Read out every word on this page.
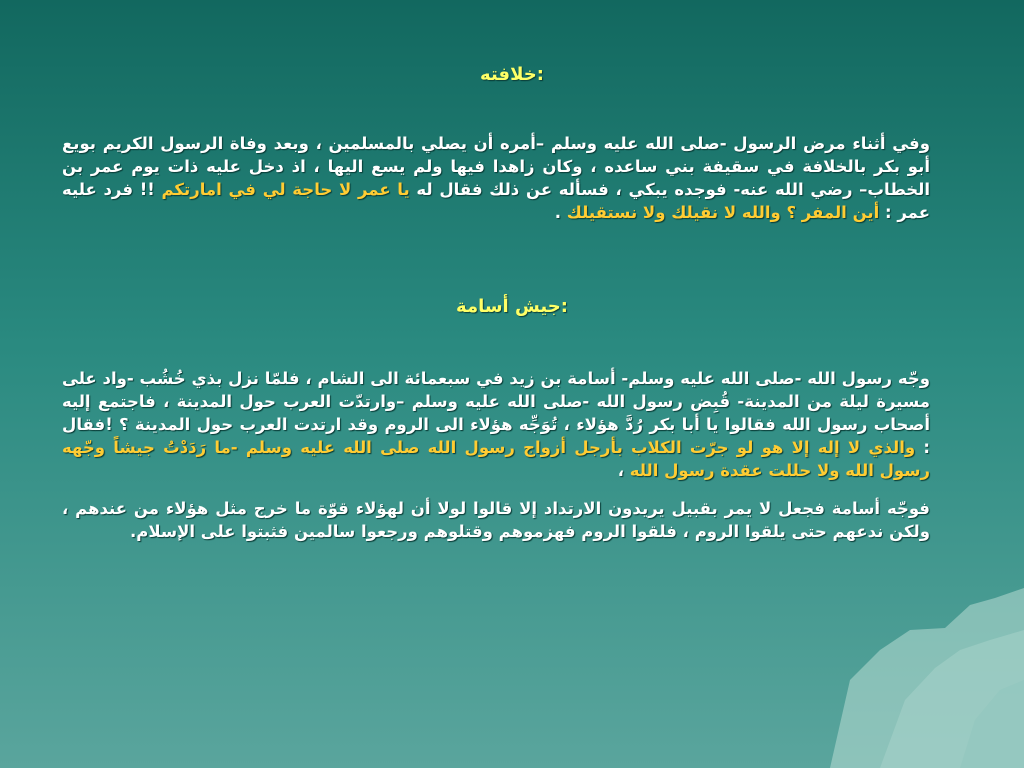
خلافته:
وفي أثناء مرض الرسول -صلى الله عليه وسلم –أمره أن يصلي بالمسلمين ، وبعد وفاة الرسول الكريم بويع أبو بكر بالخلافة في سقيفة بني ساعده ، وكان زاهدا فيها ولم يسع اليها ، اذ دخل عليه ذات يوم عمر بن الخطاب– رضي الله عنه- فوجده يبكي ، فسأله عن ذلك فقال له يا عمر لا حاجة لي في امارتكم !! فرد عليه عمر : أين المفر ؟ والله لا نقيلك ولا نستقيلك .
جيش أسامة:
وجّه رسول الله -صلى الله عليه وسلم- أسامة بن زيد في سبعمائة الى الشام ، فلمّا نزل بذي خُشُب -واد على مسيرة ليلة من المدينة- قُبِض رسول الله -صلى الله عليه وسلم –وارتدّت العرب حول المدينة ، فاجتمع إليه أصحاب رسول الله فقالوا يا أبا بكر رُدَّ هؤلاء ، تُوَجِّه هؤلاء الى الروم وقد ارتدت العرب حول المدينة ؟ !فقال : والذي لا إله إلا هو لو جرّت الكلاب بأرجل أزواج رسول الله صلى الله عليه وسلم -ما رَدَدْتُ جيشاً وجّهه رسول الله ولا حللت عقدة رسول الله ،
فوجّه أسامة فجعل لا يمر بقبيل يريدون الارتداد إلا قالوا لولا أن لهؤلاء قوّة ما خرج مثل هؤلاء من عندهم ، ولكن ندعهم حتى يلقوا الروم ، فلقوا الروم فهزموهم وقتلوهم ورجعوا سالمين فثبتوا على الإسلام.
